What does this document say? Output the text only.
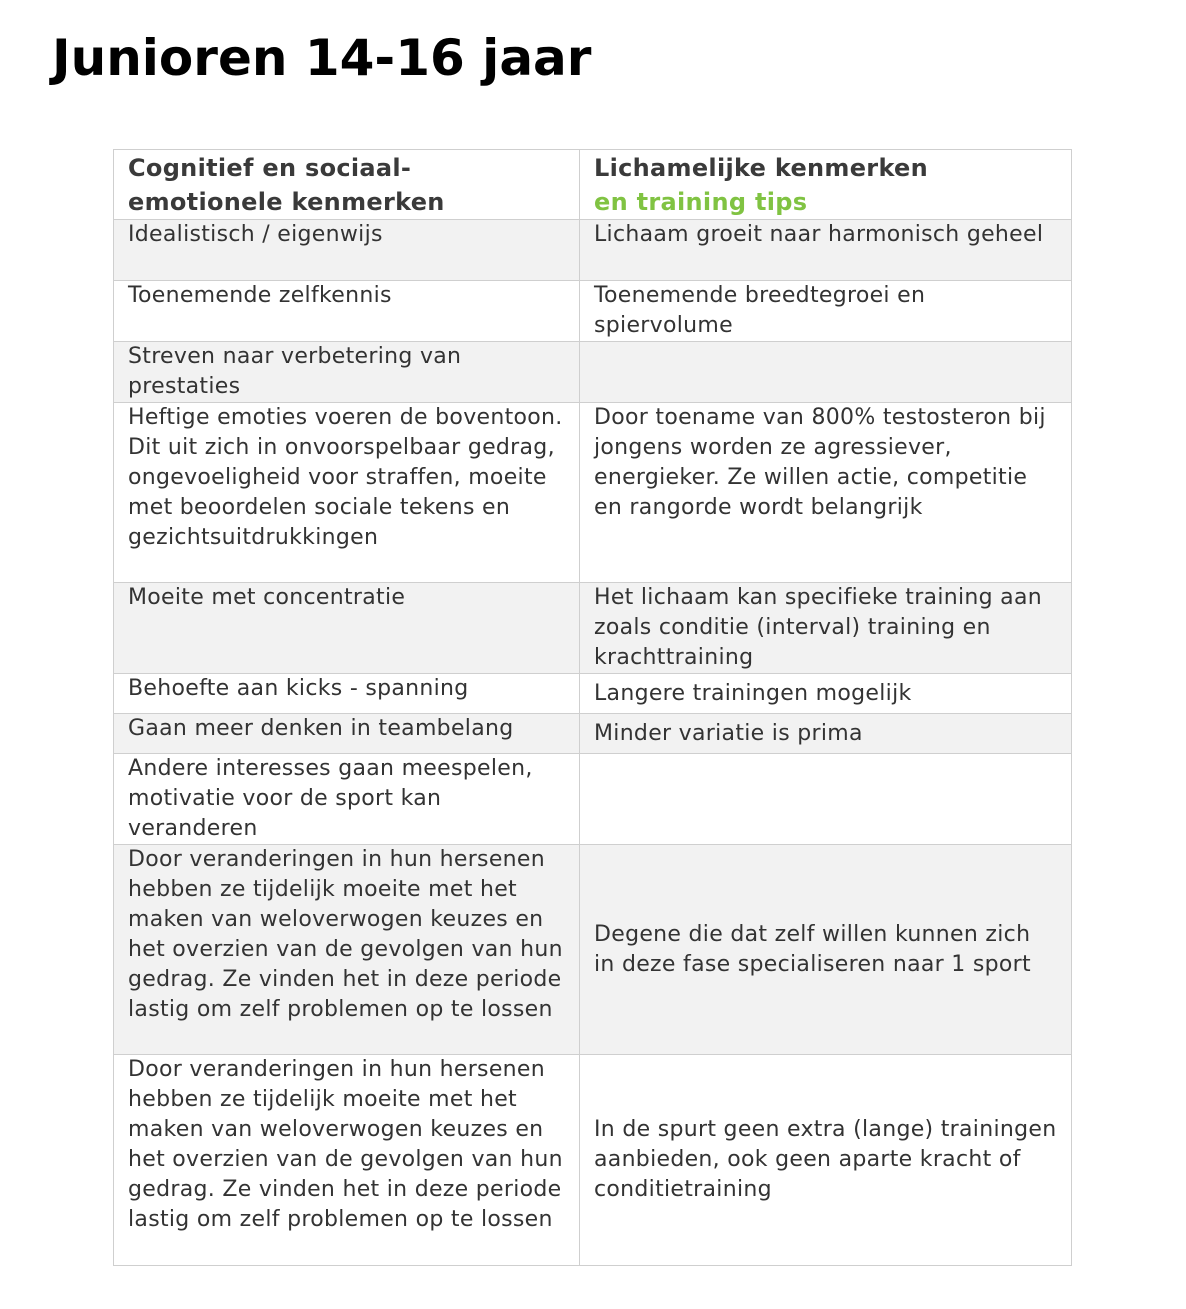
Junioren 14-16 jaar
Cognitief en sociaal-
emotionele kenmerken	Lichamelijke kenmerken
en training tips

Idealistisch / eigenwijs	Lichaam groeit naar harmonisch geheel
Toenemende zelfkennis	Toenemende breedtegroei en spiervolume
Streven naar verbetering van prestaties	
Heftige emoties voeren de boventoon. Dit uit zich in onvoorspelbaar gedrag, ongevoeligheid voor straffen, moeite met beoordelen sociale tekens en gezichtsuitdrukkingen	Door toename van 800% testosteron bij jongens worden ze agressiever, energieker. Ze willen actie, competitie en rangorde wordt belangrijk
Moeite met concentratie	Het lichaam kan specifieke training aan zoals conditie (interval) training en krachttraining
Behoefte aan kicks - spanning	Langere trainingen mogelijk
Gaan meer denken in teambelang	Minder variatie is prima
Andere interesses gaan meespelen, motivatie voor de sport kan veranderen	
Door veranderingen in hun hersenen hebben ze tijdelijk moeite met het maken van weloverwogen keuzes en het overzien van de gevolgen van hun gedrag. Ze vinden het in deze periode lastig om zelf problemen op te lossen	Degene die dat zelf willen kunnen zich in deze fase specialiseren naar 1 sport
Door veranderingen in hun hersenen hebben ze tijdelijk moeite met het maken van weloverwogen keuzes en het overzien van de gevolgen van hun gedrag. Ze vinden het in deze periode lastig om zelf problemen op te lossen	In de spurt geen extra (lange) trainingen aanbieden, ook geen aparte kracht of conditietraining
